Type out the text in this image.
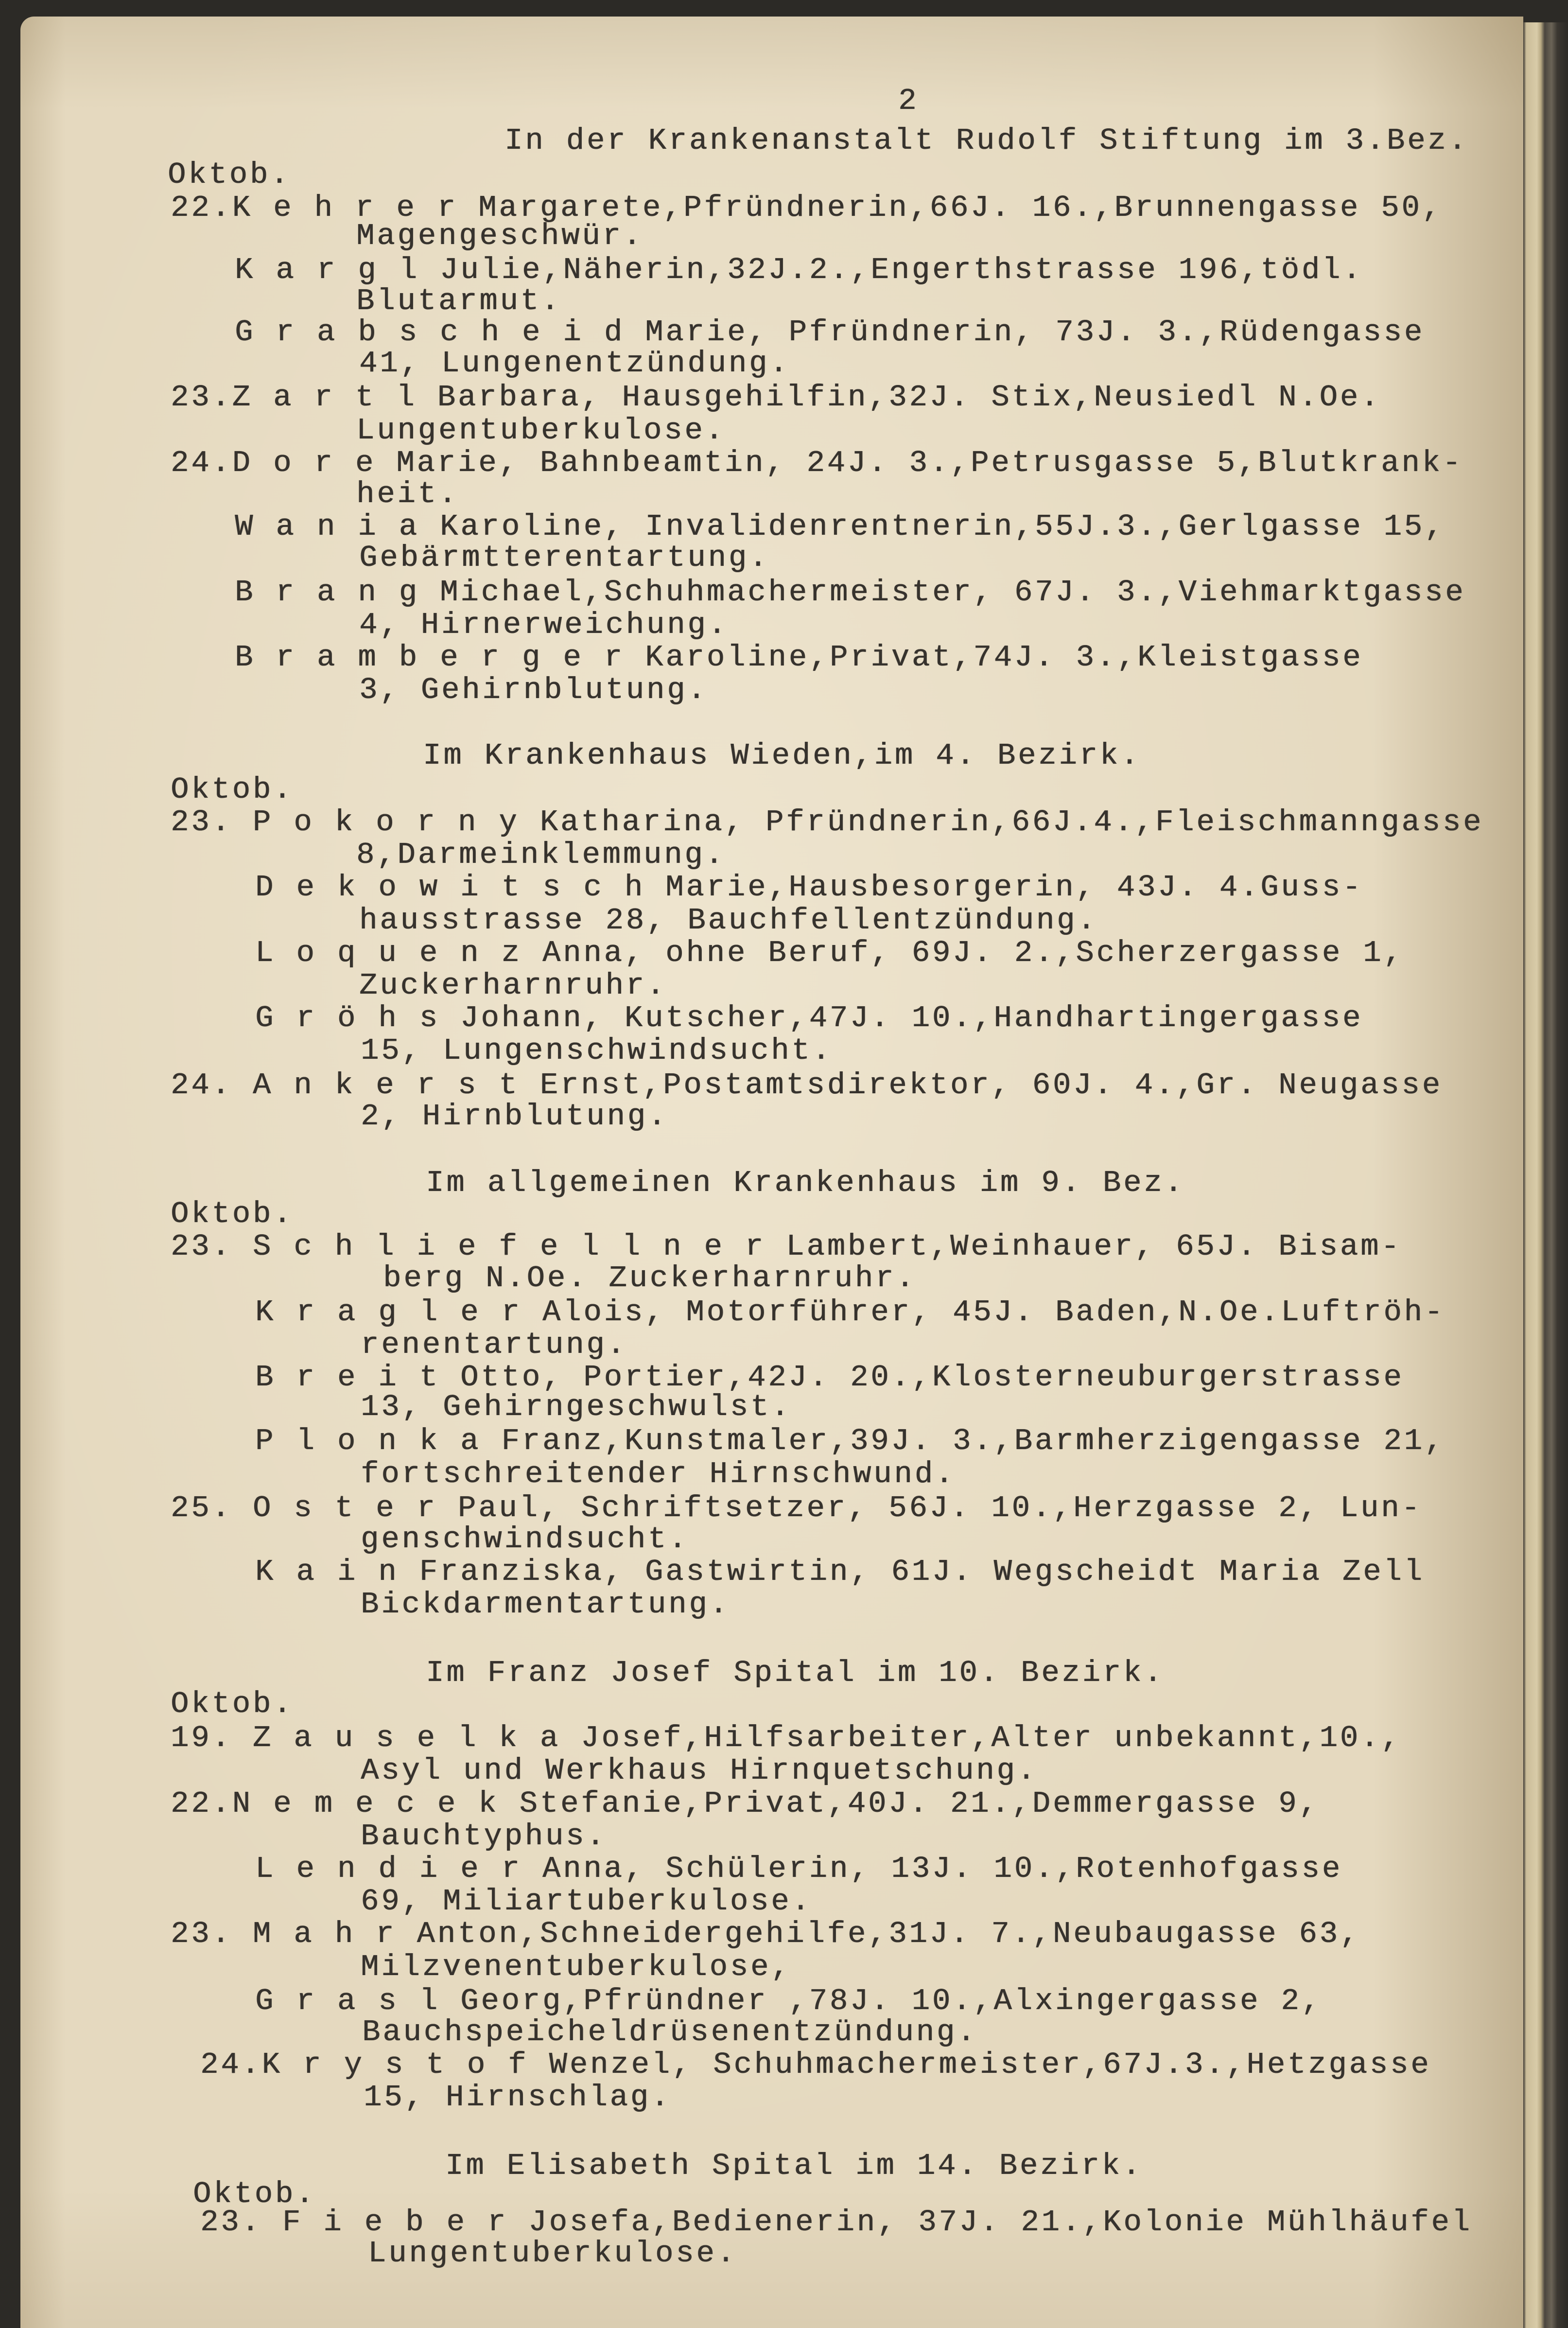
2
In der Krankenanstalt Rudolf Stiftung im 3.Bez.
Oktob.
22.K e h r e r Margarete,Pfründnerin,66J. 16.,Brunnengasse 50,
Magengeschwür.
K a r g l Julie,Näherin,32J.2.,Engerthstrasse 196,tödl.
Blutarmut.
G r a b s c h e i d Marie, Pfründnerin, 73J. 3.,Rüdengasse
41, Lungenentzündung.
23.Z a r t l Barbara, Hausgehilfin,32J. Stix,Neusiedl N.Oe.
Lungentuberkulose.
24.D o r e Marie, Bahnbeamtin, 24J. 3.,Petrusgasse 5,Blutkrank-
heit.
W a n i a Karoline, Invalidenrentnerin,55J.3.,Gerlgasse 15,
Gebärmtterentartung.
B r a n g Michael,Schuhmachermeister, 67J. 3.,Viehmarktgasse
4, Hirnerweichung.
B r a m b e r g e r Karoline,Privat,74J. 3.,Kleistgasse
3, Gehirnblutung.
Im Krankenhaus Wieden,im 4. Bezirk.
Oktob.
23. P o k o r n y Katharina, Pfründnerin,66J.4.,Fleischmanngasse
8,Darmeinklemmung.
D e k o w i t s c h Marie,Hausbesorgerin, 43J. 4.Guss-
hausstrasse 28, Bauchfellentzündung.
L o q u e n z Anna, ohne Beruf, 69J. 2.,Scherzergasse 1,
Zuckerharnruhr.
G r ö h s Johann, Kutscher,47J. 10.,Handhartingergasse
15, Lungenschwindsucht.
24. A n k e r s t Ernst,Postamtsdirektor, 60J. 4.,Gr. Neugasse
2, Hirnblutung.
Im allgemeinen Krankenhaus im 9. Bez.
Oktob.
23. S c h l i e f e l l n e r Lambert,Weinhauer, 65J. Bisam-
berg N.Oe. Zuckerharnruhr.
K r a g l e r Alois, Motorführer, 45J. Baden,N.Oe.Luftröh-
renentartung.
B r e i t Otto, Portier,42J. 20.,Klosterneuburgerstrasse
13, Gehirngeschwulst.
P l o n k a Franz,Kunstmaler,39J. 3.,Barmherzigengasse 21,
fortschreitender Hirnschwund.
25. O s t e r Paul, Schriftsetzer, 56J. 10.,Herzgasse 2, Lun-
genschwindsucht.
K a i n Franziska, Gastwirtin, 61J. Wegscheidt Maria Zell
Bickdarmentartung.
Im Franz Josef Spital im 10. Bezirk.
Oktob.
19. Z a u s e l k a Josef,Hilfsarbeiter,Alter unbekannt,10.,
Asyl und Werkhaus Hirnquetschung.
22.N e m e c e k Stefanie,Privat,40J. 21.,Demmergasse 9,
Bauchtyphus.
L e n d i e r Anna, Schülerin, 13J. 10.,Rotenhofgasse
69, Miliartuberkulose.
23. M a h r Anton,Schneidergehilfe,31J. 7.,Neubaugasse 63,
Milzvenentuberkulose,
G r a s l Georg,Pfründner ,78J. 10.,Alxingergasse 2,
Bauchspeicheldrüsenentzündung.
24.K r y s t o f Wenzel, Schuhmachermeister,67J.3.,Hetzgasse
15, Hirnschlag.
Im Elisabeth Spital im 14. Bezirk.
Oktob.
23. F i e b e r Josefa,Bedienerin, 37J. 21.,Kolonie Mühlhäufel
Lungentuberkulose.
